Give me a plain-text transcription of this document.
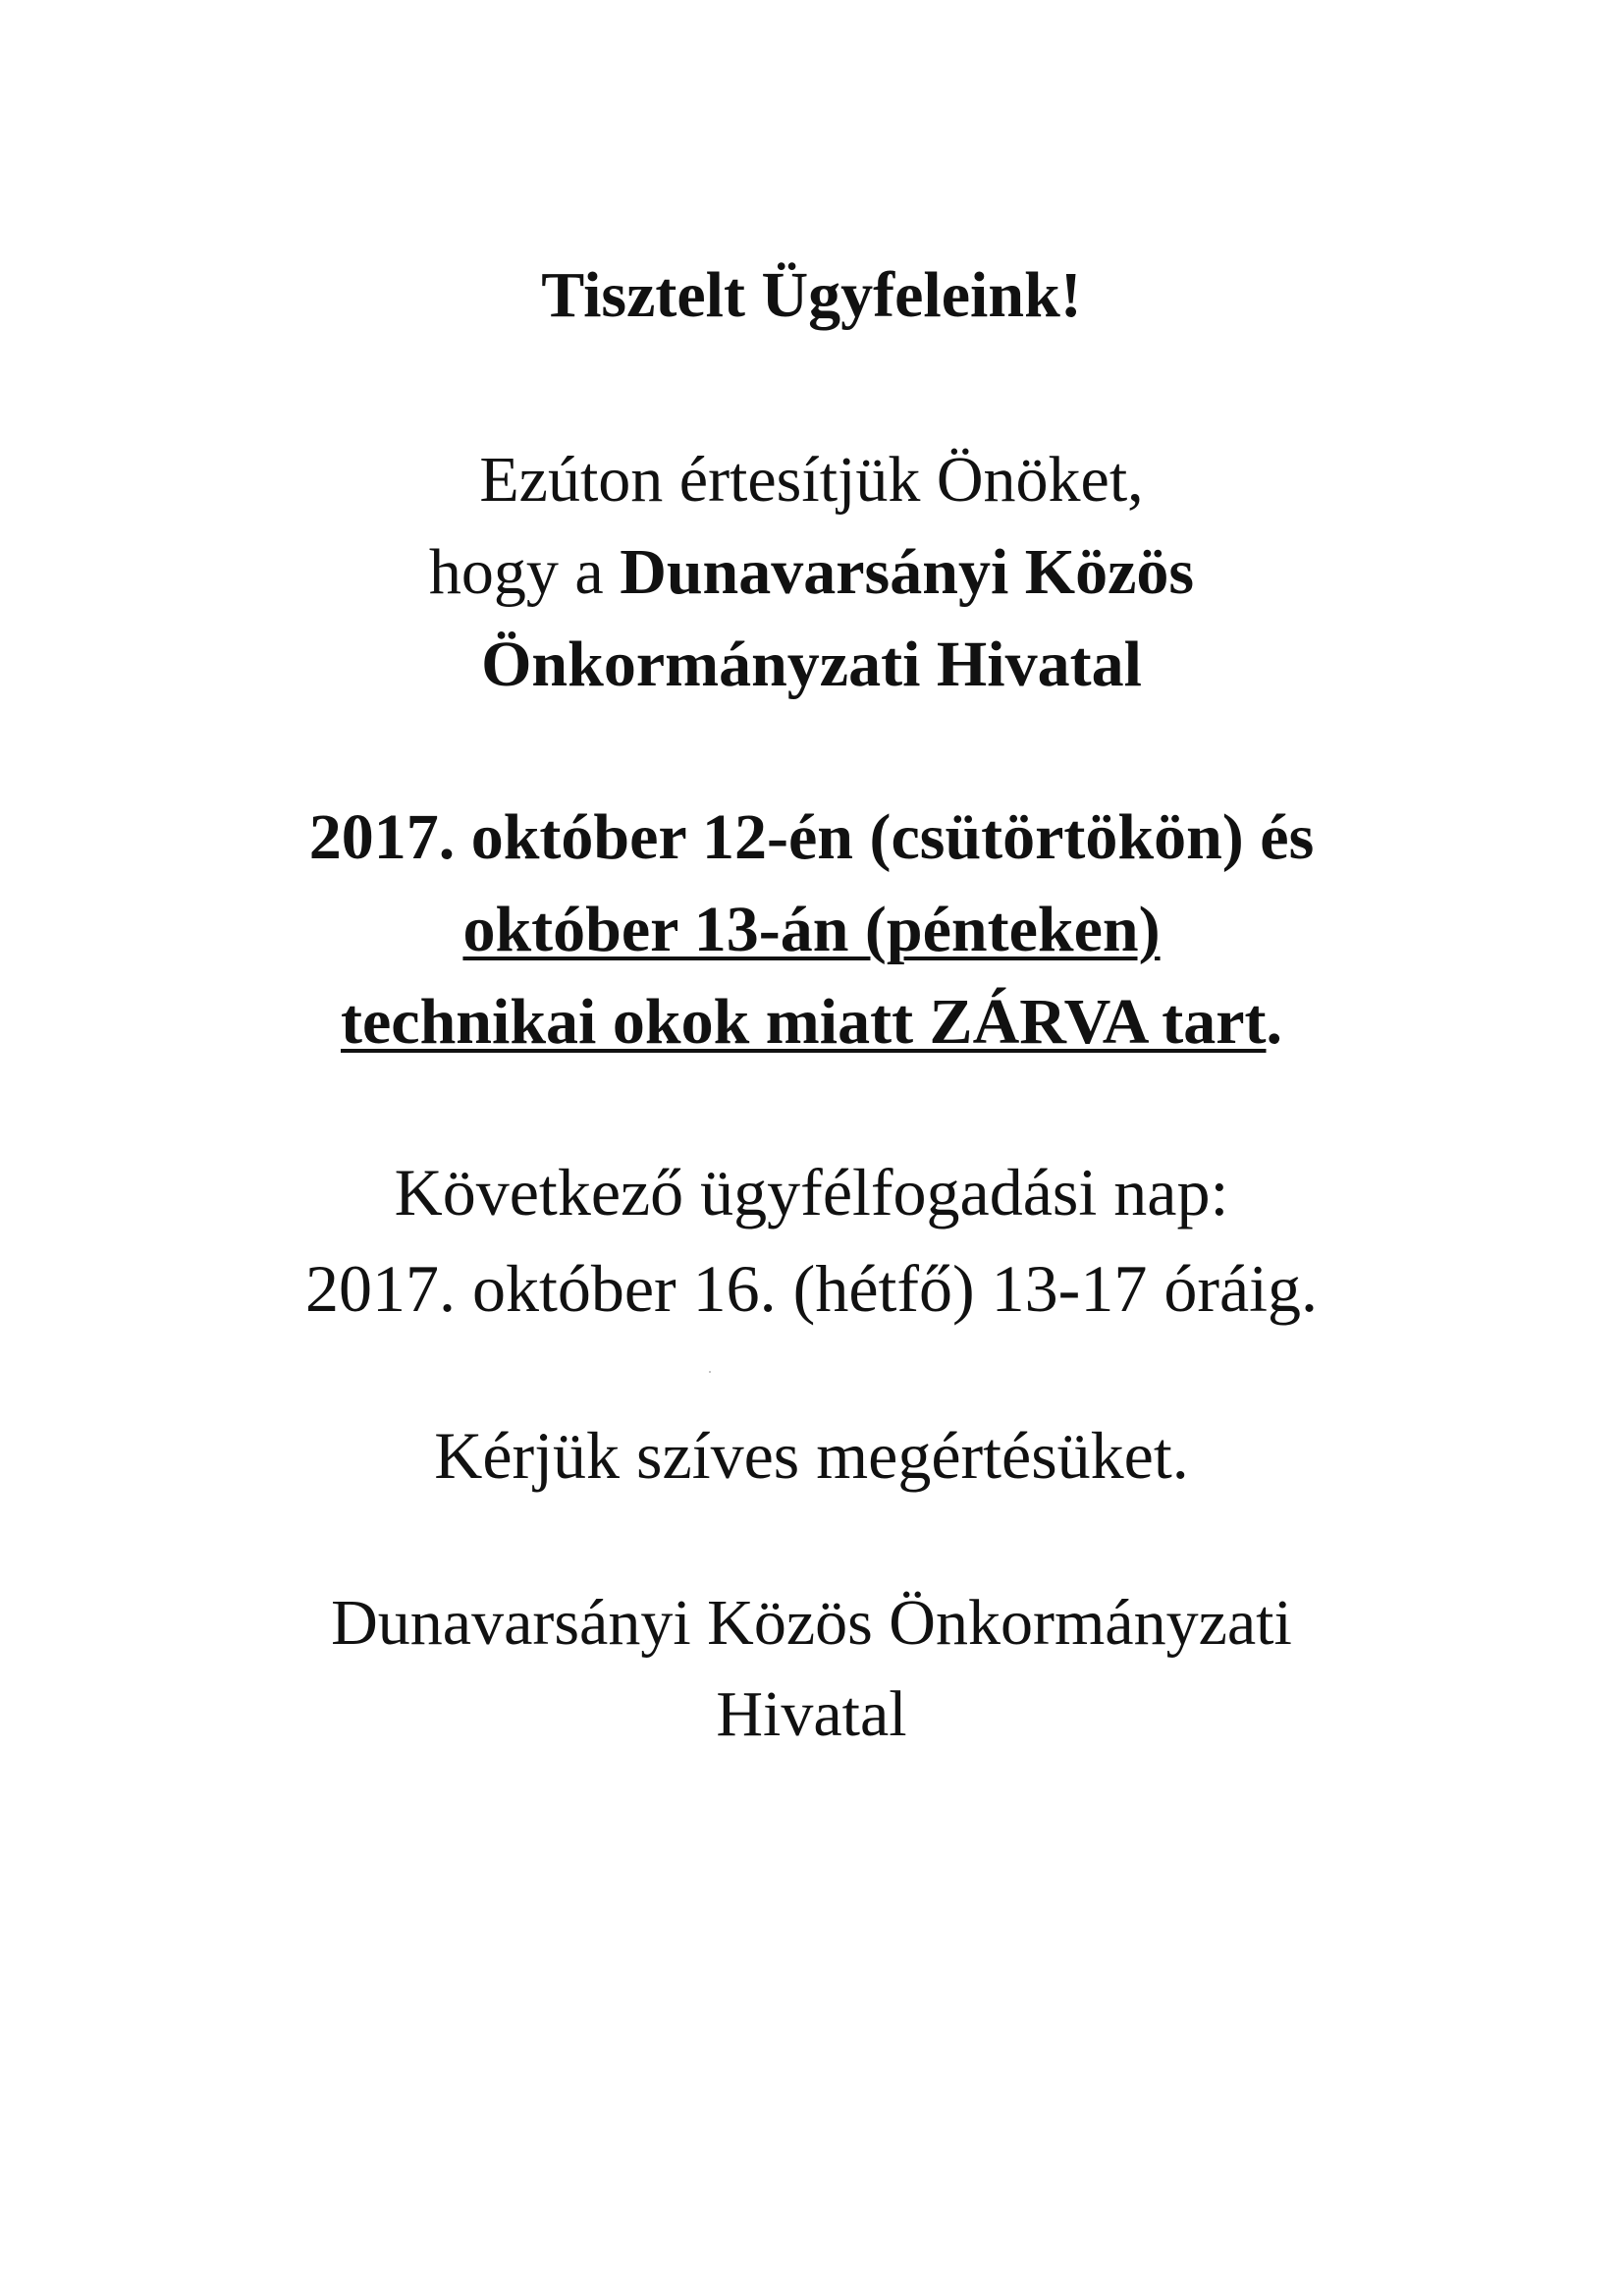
Tisztelt Ügyfeleink!
Ezúton értesítjük Önöket,
hogy a Dunavarsányi Közös
Önkormányzati Hivatal
2017. október 12-én (csütörtökön) és
október 13-án (pénteken)
technikai okok miatt ZÁRVA tart.
Következő ügyfélfogadási nap:
2017. október 16. (hétfő) 13-17 óráig.
Kérjük szíves megértésüket.
Dunavarsányi Közös Önkormányzati
Hivatal
